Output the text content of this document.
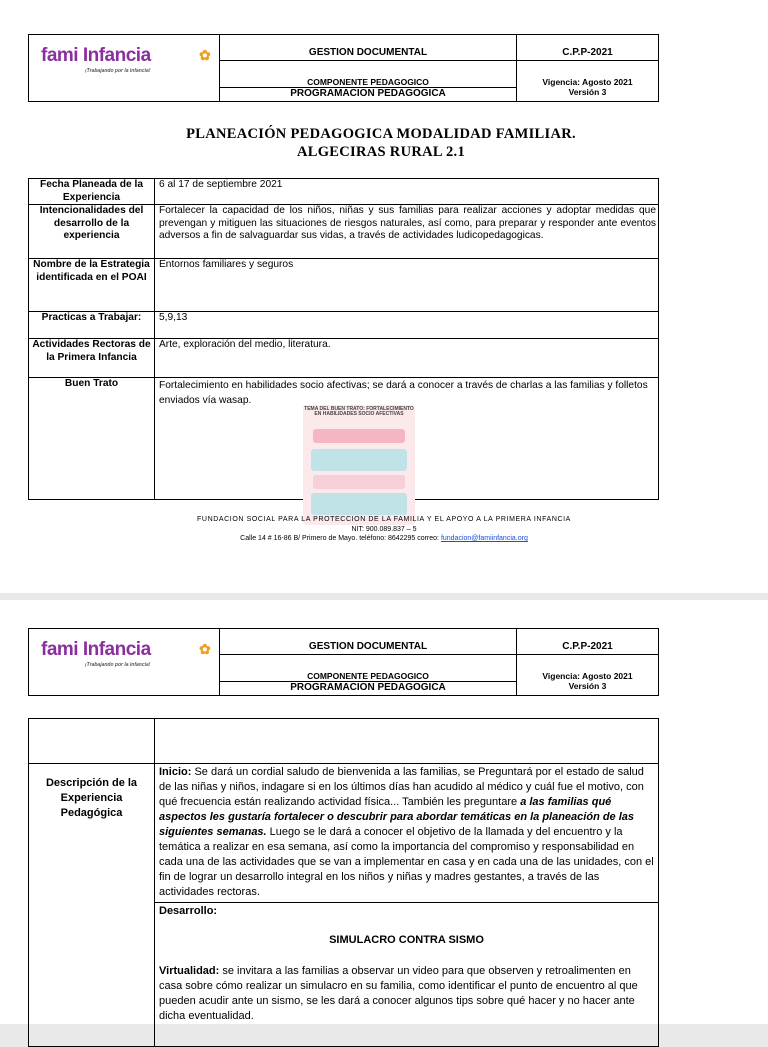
fami Infancia ✿
¡Trabajando por la infancia!	GESTION DOCUMENTAL	C.P.P-2021
	COMPONENTE PEDAGOGICO	Vigencia: Agosto 2021
	PROGRAMACION PEDAGOGICA	Versión 3
PLANEACIÓN PEDAGOGICA MODALIDAD FAMILIAR.
ALGECIRAS RURAL 2.1
Fecha Planeada de la Experiencia	6 al 17 de septiembre 2021
Intencionalidades del desarrollo de la experiencia	Fortalecer la capacidad de los niños, niñas y sus familias para realizar acciones y adoptar medidas que prevengan y mitiguen las situaciones de riesgos naturales, así como, para preparar y responder ante eventos adversos a fin de salvaguardar sus vidas, a través de actividades ludicopedagogicas.
Nombre de la Estrategia identificada en el POAI	Entornos familiares y seguros
Practicas a Trabajar:	5,9,13
Actividades Rectoras de la Primera Infancia	Arte, exploración del medio, literatura.
Buen Trato	Fortalecimiento en habilidades socio afectivas; se dará a conocer a través de charlas a las familias y folletos enviados vía wasap.
TEMA DEL BUEN TRATO: FORTALECIMIENTO EN HABILIDADES SOCIO AFECTIVAS
FUNDACION SOCIAL PARA LA PROTECCION DE LA FAMILIA Y EL APOYO A LA PRIMERA INFANCIA
NIT: 900.089.837 – 5
Calle 14 # 16-86 B/ Primero de Mayo. teléfono: 8642295 correo: fundacion@famiinfancia.org
fami Infancia ✿
¡Trabajando por la infancia!	GESTION DOCUMENTAL	C.P.P-2021
	COMPONENTE PEDAGOGICO	Vigencia: Agosto 2021
	PROGRAMACION PEDAGOGICA	Versión 3

Descripción de la Experiencia Pedagógica	Inicio: Se dará un cordial saludo de bienvenida a las familias, se Preguntará por el estado de salud de las niñas y niños, indagare si en los últimos días han acudido al médico y cuál fue el motivo, con qué frecuencia están realizando actividad física... También les preguntare a las familias qué aspectos les gustaría fortalecer o descubrir para abordar temáticas en la planeación de las siguientes semanas. Luego se le dará a conocer el objetivo de la llamada y del encuentro y la temática a realizar en esa semana, así como la importancia del compromiso y responsabilidad en cada una de las actividades que se van a implementar en casa y en cada una de las unidades, con el fin de lograr un desarrollo integral en los niños y niñas y madres gestantes, a través de las actividades rectoras.
	Desarrollo:
SIMULACRO CONTRA SISMO
Virtualidad: se invitara a las familias a observar un video para que observen y retroalimenten en casa sobre cómo realizar un simulacro en su familia, como identificar el punto de encuentro al que pueden acudir ante un sismo, se les dará a conocer algunos tips sobre qué hacer y no hacer ante dicha eventualidad.
